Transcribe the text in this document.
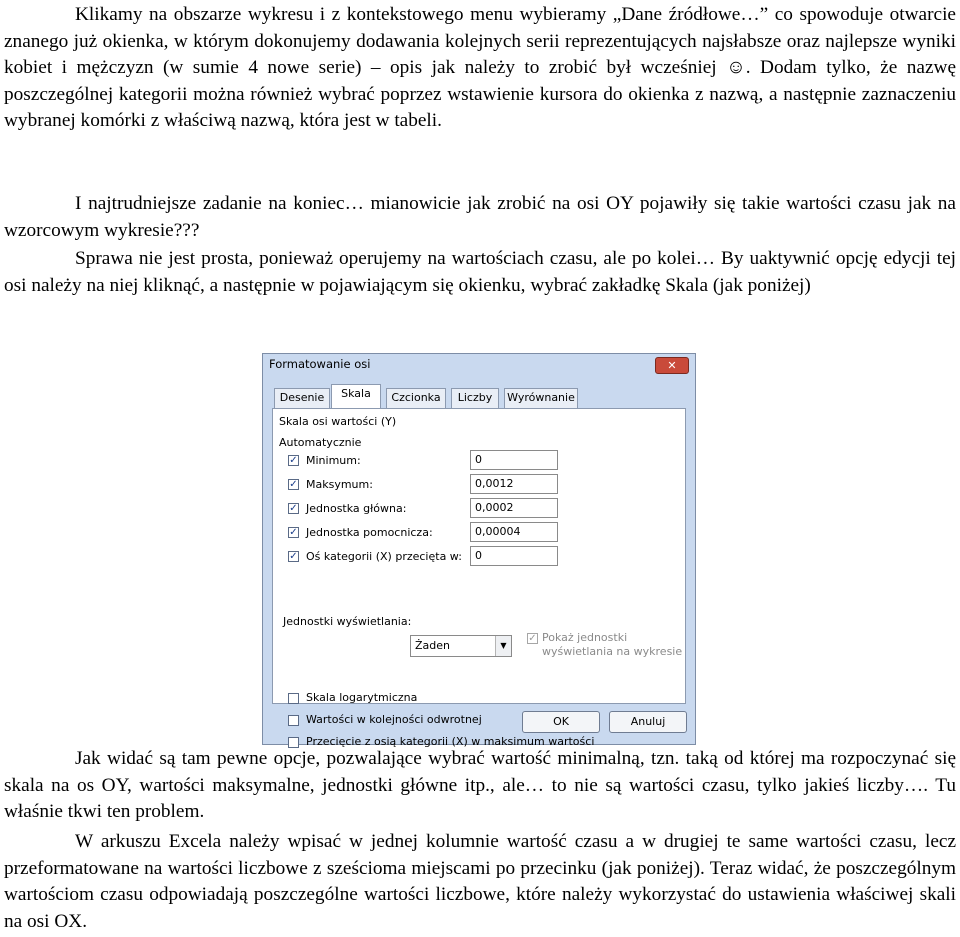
Klikamy na obszarze wykresu i z kontekstowego menu wybieramy „Dane źródłowe…” co spowoduje otwarcie znanego już okienka, w którym dokonujemy dodawania kolejnych serii reprezentujących najsłabsze oraz najlepsze wyniki kobiet i mężczyzn (w sumie 4 nowe serie) – opis jak należy to zrobić był wcześniej ☺. Dodam tylko, że nazwę poszczególnej kategorii można również wybrać poprzez wstawienie kursora do okienka z nazwą, a następnie zaznaczeniu wybranej komórki z właściwą nazwą, która jest w tabeli.

I najtrudniejsze zadanie na koniec… mianowicie jak zrobić na osi OY pojawiły się takie wartości czasu jak na wzorcowym wykresie???

Sprawa nie jest prosta, ponieważ operujemy na wartościach czasu, ale po kolei… By uaktywnić opcję edycji tej osi należy na niej kliknąć, a następnie w pojawiającym się okienku, wybrać zakładkę Skala (jak poniżej)

Formatowanie osi	✕
Desenie	Skala	Czcionka	Liczby	Wyrównanie
Skala osi wartości (Y)
Automatycznie
✓ Minimum:	0
✓ Maksymum:	0,0012
✓ Jednostka główna:	0,0002
✓ Jednostka pomocnicza:	0,00004
✓ Oś kategorii (X) przecięta w:	0
Jednostki wyświetlania:
Żaden	▼
✓ Pokaż jednostki wyświetlania na wykresie
Skala logarytmiczna
Wartości w kolejności odwrotnej
Przecięcie z osią kategorii (X) w maksimum wartości
OK	Anuluj

Jak widać są tam pewne opcje, pozwalające wybrać wartość minimalną, tzn. taką od której ma rozpoczynać się skala na os OY, wartości maksymalne, jednostki główne itp., ale… to nie są wartości czasu, tylko jakieś liczby…. Tu właśnie tkwi ten problem.

W arkuszu Excela należy wpisać w jednej kolumnie wartość czasu a w drugiej te same wartości czasu, lecz przeformatowane na wartości liczbowe z sześcioma miejscami po przecinku (jak poniżej). Teraz widać, że poszczególnym wartościom czasu odpowiadają poszczególne wartości liczbowe, które należy wykorzystać do ustawienia właściwej skali na osi OX.
